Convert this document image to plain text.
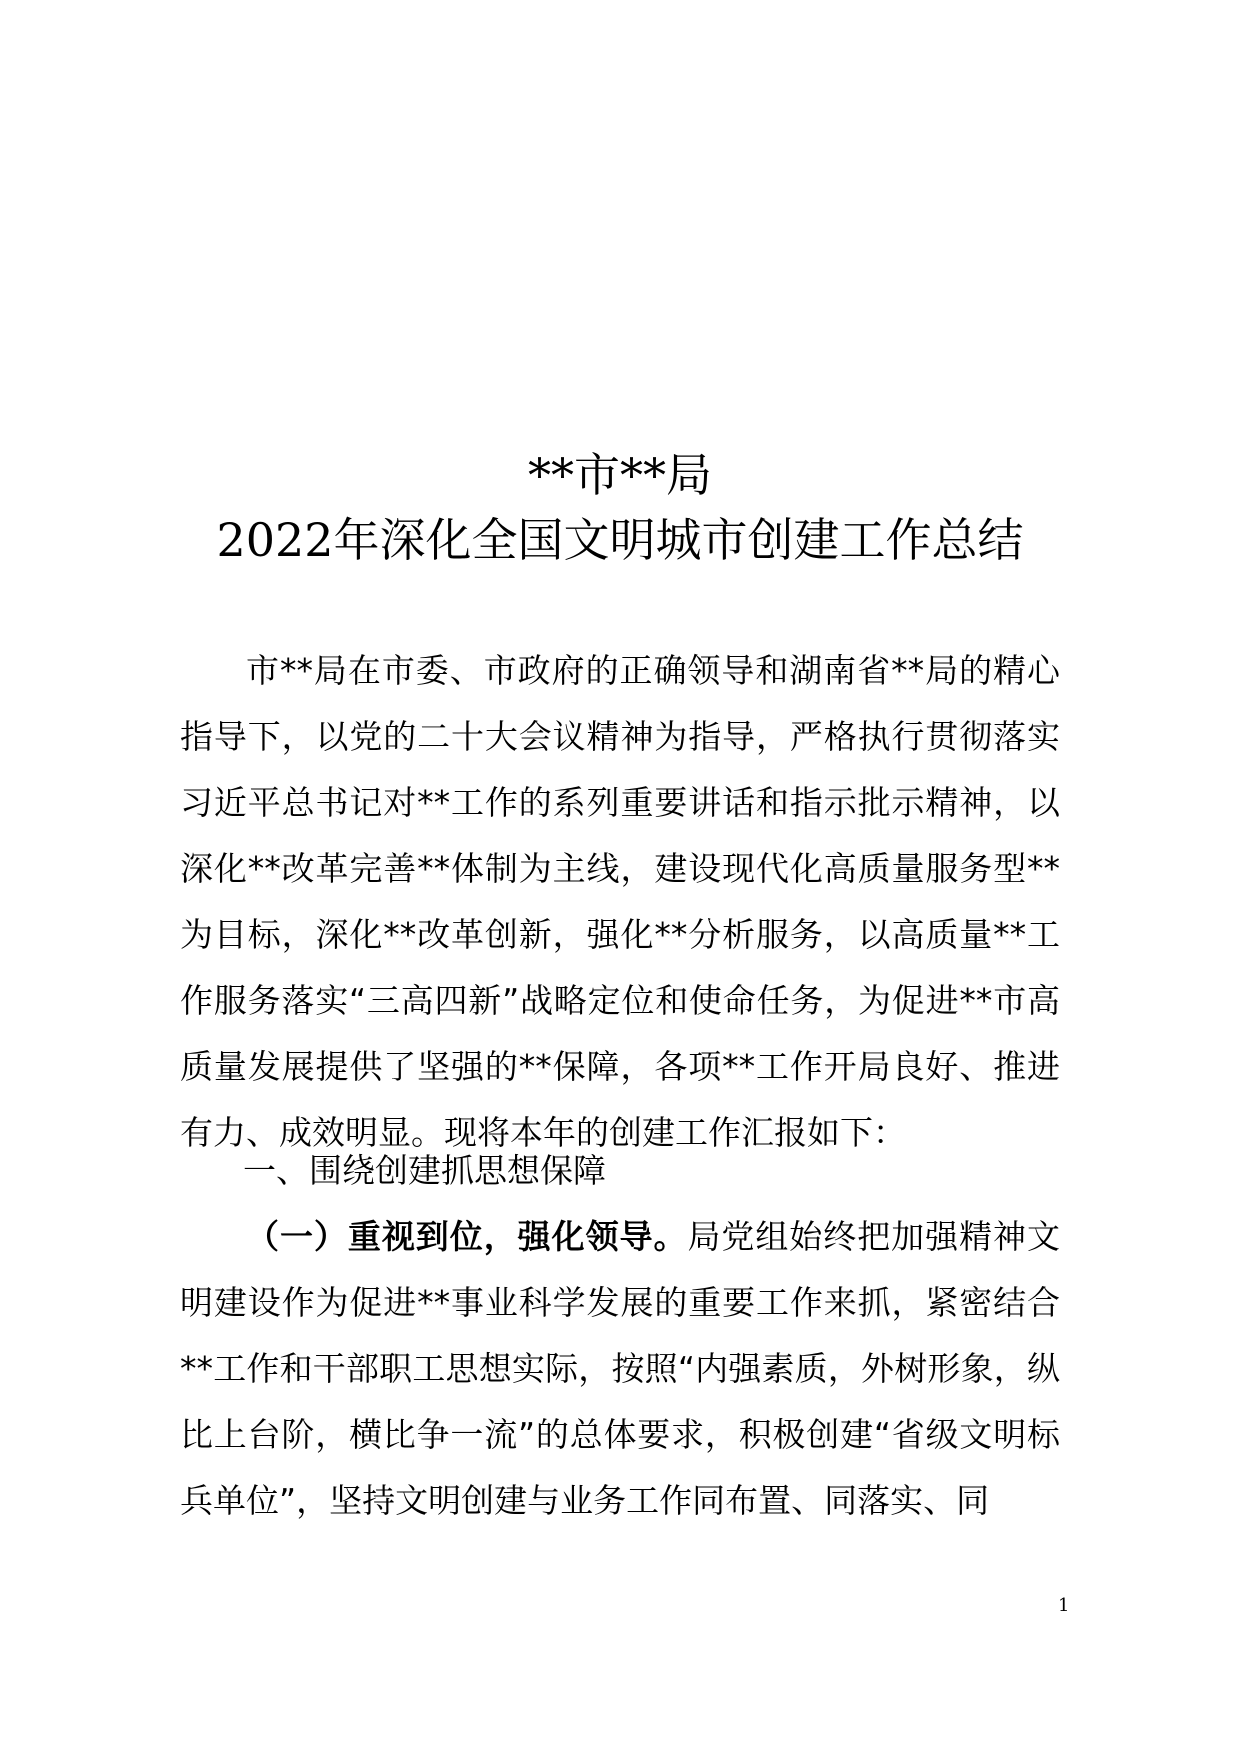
**市**局
2022年深化全国文明城市创建工作总结

市**局在市委、市政府的正确领导和湖南省**局的精心指导下，以党的二十大会议精神为指导，严格执行贯彻落实习近平总书记对**工作的系列重要讲话和指示批示精神，以深化**改革完善**体制为主线，建设现代化高质量服务型**为目标，深化**改革创新，强化**分析服务，以高质量**工作服务落实“三高四新”战略定位和使命任务，为促进**市高质量发展提供了坚强的**保障，各项**工作开局良好、推进有力、成效明显。现将本年的创建工作汇报如下：

一、围绕创建抓思想保障

（一）重视到位，强化领导。局党组始终把加强精神文明建设作为促进**事业科学发展的重要工作来抓，紧密结合**工作和干部职工思想实际，按照“内强素质，外树形象，纵比上台阶，横比争一流”的总体要求，积极创建“省级文明标兵单位”，坚持文明创建与业务工作同布置、同落实、同

1
